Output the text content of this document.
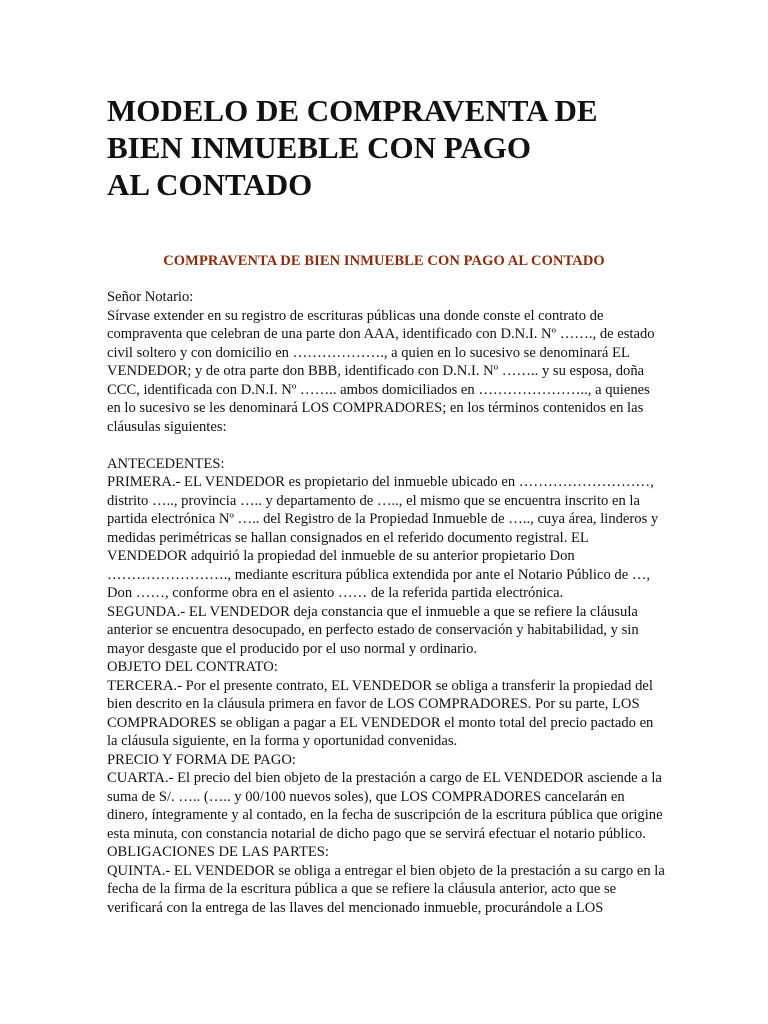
MODELO DE COMPRAVENTA DE
BIEN INMUEBLE CON PAGO
AL CONTADO

COMPRAVENTA DE BIEN INMUEBLE CON PAGO AL CONTADO

Señor Notario:

Sírvase extender en su registro de escrituras públicas una donde conste el contrato de compraventa que celebran de una parte don AAA, identificado con D.N.I. Nº ……., de estado civil soltero y con domicilio en ………………., a quien en lo sucesivo se denominará EL VENDEDOR; y de otra parte don BBB, identificado con D.N.I. Nº …….. y su esposa, doña CCC, identificada con D.N.I. Nº …….. ambos domiciliados en ………………….., a quienes en lo sucesivo se les denominará LOS COMPRADORES; en los términos contenidos en las cláusulas siguientes:

ANTECEDENTES:

PRIMERA.- EL VENDEDOR es propietario del inmueble ubicado en ………………………, distrito ….., provincia ….. y departamento de ….., el mismo que se encuentra inscrito en la partida electrónica Nº ….. del Registro de la Propiedad Inmueble de ….., cuya área, linderos y medidas perimétricas se hallan consignados en el referido documento registral. EL VENDEDOR adquirió la propiedad del inmueble de su anterior propietario Don ……………………., mediante escritura pública extendida por ante el Notario Público de …, Don ……, conforme obra en el asiento …… de la referida partida electrónica.

SEGUNDA.- EL VENDEDOR deja constancia que el inmueble a que se refiere la cláusula anterior se encuentra desocupado, en perfecto estado de conservación y habitabilidad, y sin mayor desgaste que el producido por el uso normal y ordinario.

OBJETO DEL CONTRATO:

TERCERA.- Por el presente contrato, EL VENDEDOR se obliga a transferir la propiedad del bien descrito en la cláusula primera en favor de LOS COMPRADORES. Por su parte, LOS COMPRADORES se obligan a pagar a EL VENDEDOR el monto total del precio pactado en la cláusula siguiente, en la forma y oportunidad convenidas.

PRECIO Y FORMA DE PAGO:

CUARTA.- El precio del bien objeto de la prestación a cargo de EL VENDEDOR asciende a la suma de S/. ….. (….. y 00/100 nuevos soles), que LOS COMPRADORES cancelarán en dinero, íntegramente y al contado, en la fecha de suscripción de la escritura pública que origine esta minuta, con constancia notarial de dicho pago que se servirá efectuar el notario público.

OBLIGACIONES DE LAS PARTES:

QUINTA.- EL VENDEDOR se obliga a entregar el bien objeto de la prestación a su cargo en la fecha de la firma de la escritura pública a que se refiere la cláusula anterior, acto que se verificará con la entrega de las llaves del mencionado inmueble, procurándole a LOS
